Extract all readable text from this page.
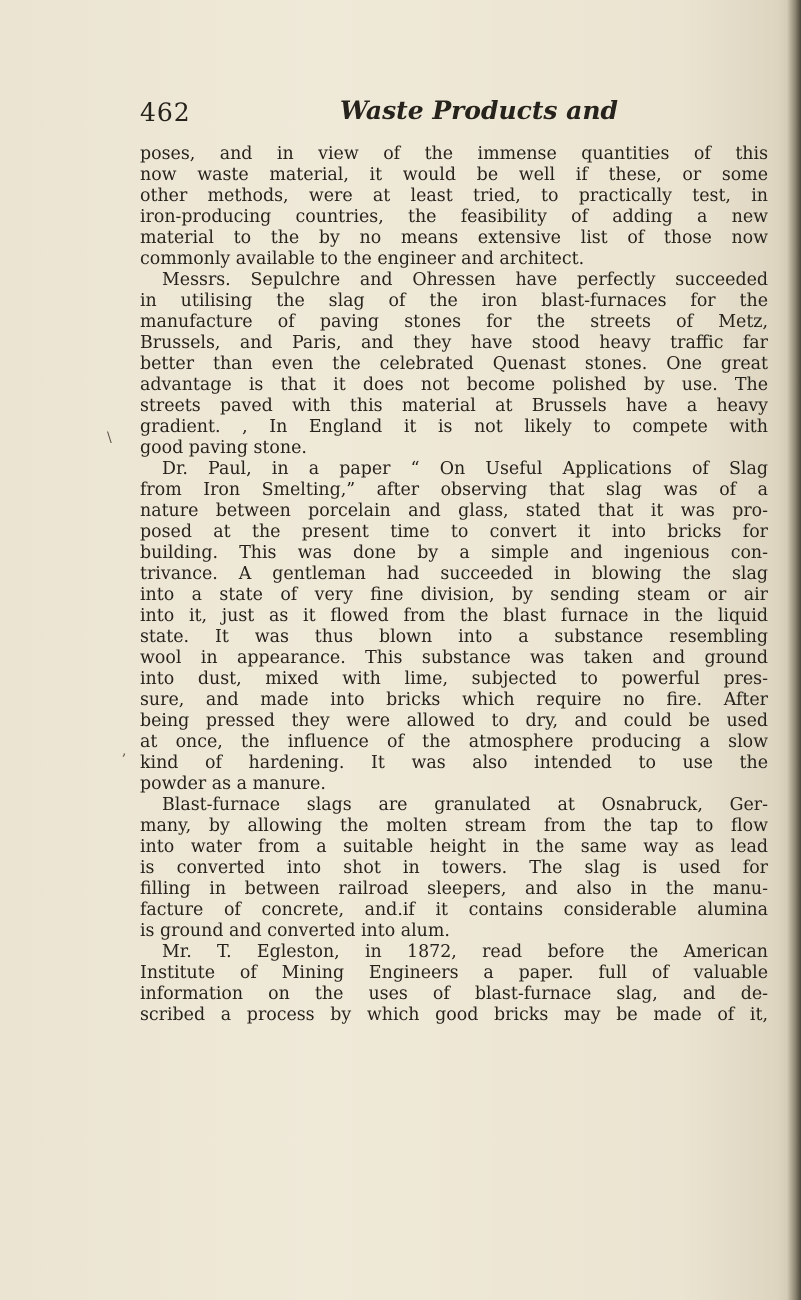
462	Waste Products and
poses, and in view of the immense quantities of this
now waste material, it would be well if these, or some
other methods, were at least tried, to practically test, in
iron-producing countries, the feasibility of adding a new
material to the by no means extensive list of those now
commonly available to the engineer and architect.
Messrs. Sepulchre and Ohressen have perfectly succeeded
in utilising the slag of the iron blast-furnaces for the
manufacture of paving stones for the streets of Metz,
Brussels, and Paris, and they have stood heavy traffic far
better than even the celebrated Quenast stones. One great
advantage is that it does not become polished by use. The
streets paved with this material at Brussels have a heavy
gradient. , In England it is not likely to compete with
good paving stone.
Dr. Paul, in a paper “ On Useful Applications of Slag
from Iron Smelting,” after observing that slag was of a
nature between porcelain and glass, stated that it was pro-
posed at the present time to convert it into bricks for
building. This was done by a simple and ingenious con-
trivance. A gentleman had succeeded in blowing the slag
into a state of very fine division, by sending steam or air
into it, just as it flowed from the blast furnace in the liquid
state. It was thus blown into a substance resembling
wool in appearance. This substance was taken and ground
into dust, mixed with lime, subjected to powerful pres-
sure, and made into bricks which require no fire. After
being pressed they were allowed to dry, and could be used
at once, the influence of the atmosphere producing a slow
kind of hardening. It was also intended to use the
powder as a manure.
Blast-furnace slags are granulated at Osnabruck, Ger-
many, by allowing the molten stream from the tap to flow
into water from a suitable height in the same way as lead
is converted into shot in towers. The slag is used for
filling in between railroad sleepers, and also in the manu-
facture of concrete, and.if it contains considerable alumina
is ground and converted into alum.
Mr. T. Egleston, in 1872, read before the American
Institute of Mining Engineers a paper. full of valuable
information on the uses of blast-furnace slag, and de-
scribed a process by which good bricks may be made of it,
\
,
